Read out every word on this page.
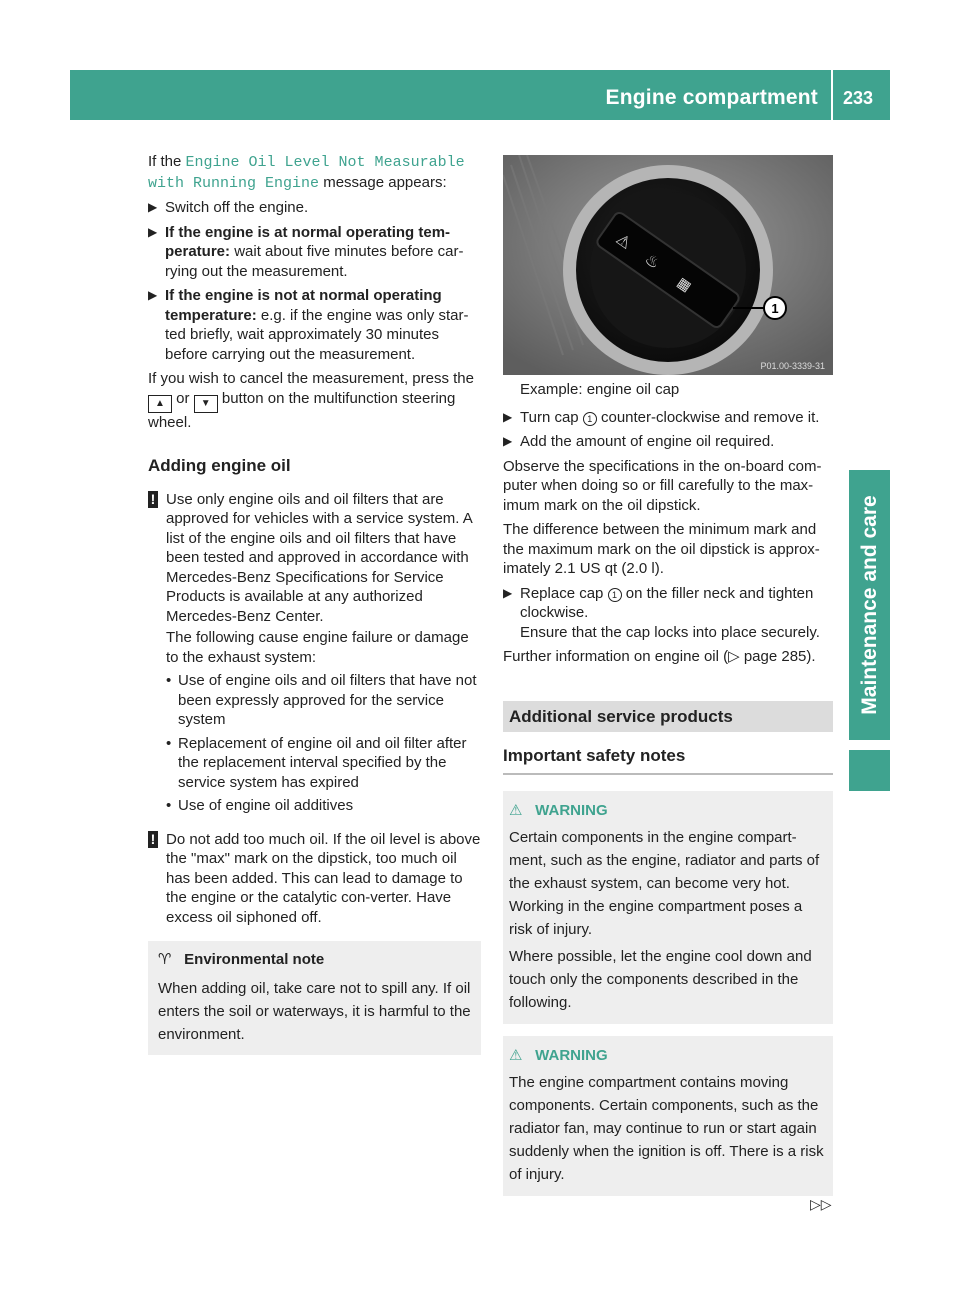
Engine compartment 233
Maintenance and care

If the Engine Oil Level Not Measurable with Running Engine message appears:

▶ Switch off the engine.
▶ If the engine is at normal operating tem-perature: wait about five minutes before car-rying out the measurement.
▶ If the engine is not at normal operating temperature: e.g. if the engine was only star-ted briefly, wait approximately 30 minutes before carrying out the measurement.

If you wish to cancel the measurement, press the ▲ or ▼ button on the multifunction steering wheel.

Adding engine oil
! Use only engine oils and oil filters that are approved for vehicles with a service system. A list of the engine oils and oil filters that have been tested and approved in accordance with Mercedes-Benz Specifications for Service Products is available at any authorized Mercedes-Benz Center.

The following cause engine failure or damage to the exhaust system:

• Use of engine oils and oil filters that have not been expressly approved for the service system
• Replacement of engine oil and oil filter after the replacement interval specified by the service system has expired
• Use of engine oil additives
! Do not add too much oil. If the oil level is above the "max" mark on the dipstick, too much oil has been added. This can lead to damage to the engine or the catalytic con-verter. Have excess oil siphoned off.

♈ Environmental note

When adding oil, take care not to spill any. If oil enters the soil or waterways, it is harmful to the environment.

⚠
♨
▦
1
P01.00-3339-31

Example: engine oil cap

▶ Turn cap 1 counter-clockwise and remove it.
▶ Add the amount of engine oil required.

Observe the specifications in the on-board com-puter when doing so or fill carefully to the max-imum mark on the oil dipstick.

The difference between the minimum mark and the maximum mark on the oil dipstick is approx-imately 2.1 US qt (2.0 l).

▶ Replace cap 1 on the filler neck and tighten clockwise.
Ensure that the cap locks into place securely.

Further information on engine oil (▷ page 285).

Additional service products
Important safety notes
⚠ WARNING

Certain components in the engine compart-ment, such as the engine, radiator and parts of the exhaust system, can become very hot. Working in the engine compartment poses a risk of injury.

Where possible, let the engine cool down and touch only the components described in the following.

⚠ WARNING

The engine compartment contains moving components. Certain components, such as the radiator fan, may continue to run or start again suddenly when the ignition is off. There is a risk of injury.

▷▷
